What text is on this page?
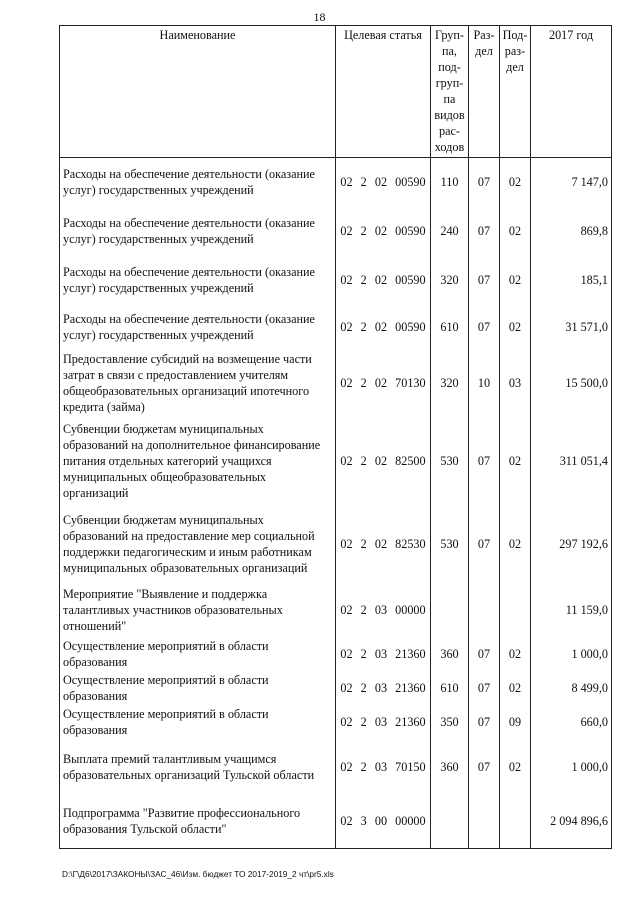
18
Наименование	Целевая статья	Груп-па, под-груп-па видов рас-ходов	Раз-дел	Под-раз-дел	2017 год
Расходы на обеспечение деятельности (оказание услуг) государственных учреждений	02  2  02  00590	110	07	02	7 147,0
Расходы на обеспечение деятельности (оказание услуг) государственных учреждений	02  2  02  00590	240	07	02	869,8
Расходы на обеспечение деятельности (оказание услуг) государственных учреждений	02  2  02  00590	320	07	02	185,1
Расходы на обеспечение деятельности (оказание услуг) государственных учреждений	02  2  02  00590	610	07	02	31 571,0
Предоставление субсидий на возмещение части затрат в связи с предоставлением учителям общеобразовательных организаций ипотечного кредита (займа)	02  2  02  70130	320	10	03	15 500,0
Субвенции бюджетам муниципальных образований на дополнительное финансирование питания отдельных категорий учащихся муниципальных общеобразовательных организаций	02  2  02  82500	530	07	02	311 051,4
Субвенции бюджетам муниципальных образований на предоставление мер социальной поддержки педагогическим и иным работникам муниципальных образовательных организаций	02  2  02  82530	530	07	02	297 192,6
Мероприятие "Выявление и поддержка талантливых участников образовательных отношений"	02  2  03  00000				11 159,0
Осуществление мероприятий в области образования	02  2  03  21360	360	07	02	1 000,0
Осуществление мероприятий в области образования	02  2  03  21360	610	07	02	8 499,0
Осуществление мероприятий в области образования	02  2  03  21360	350	07	09	660,0
Выплата премий талантливым учащимся образовательных организаций Тульской области	02  2  03  70150	360	07	02	1 000,0
Подпрограмма "Развитие профессионального образования Тульской области"	02  3  00  00000				2 094 896,6
D:\Г\Д6\2017\ЗАКОНЫ\ЗАС_46\Изм. бюджет ТО 2017-2019_2 чт\pr5.xls
